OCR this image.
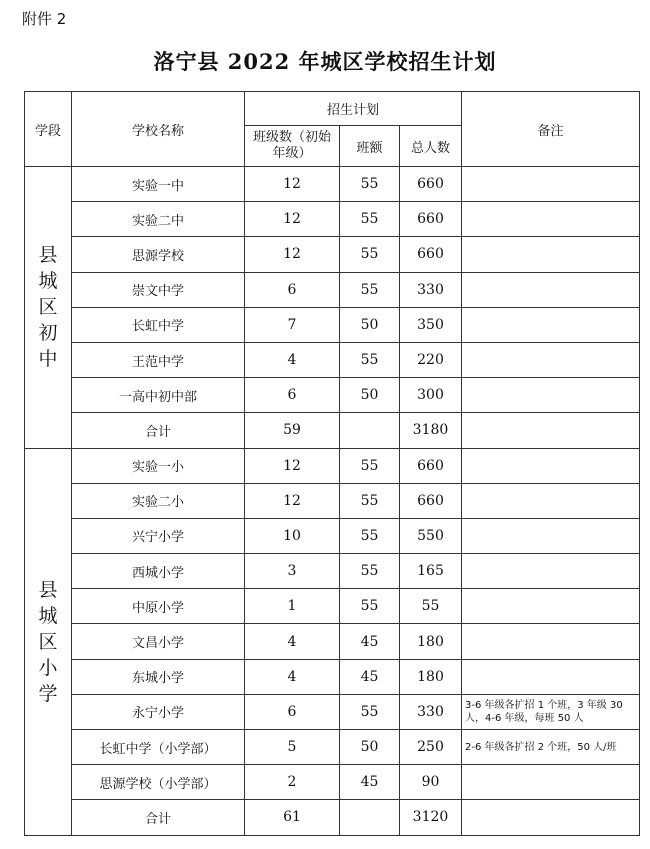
附件 2
洛宁县 2022 年城区学校招生计划
学段	学校名称	招生计划			备注
		班级数（初始年级）	班额	总人数	

县城区初中	实验一中	12	55	660	
	实验二中	12	55	660	
	思源学校	12	55	660	
	崇文中学	6	55	330	
	长虹中学	7	50	350	
	王范中学	4	55	220	
	一高中初中部	6	50	300	
	合计	59		3180	

县城区小学	实验一小	12	55	660	
	实验二小	12	55	660	
	兴宁小学	10	55	550	
	西城小学	3	55	165	
	中原小学	1	55	55	
	文昌小学	4	45	180	
	东城小学	4	45	180	
	永宁小学	6	55	330	3-6 年级各扩招 1 个班，3 年级 30 人，4-6 年级，每班 50 人
	长虹中学（小学部）	5	50	250	2-6 年级各扩招 2 个班，50 人/班
	思源学校（小学部）	2	45	90	
	合计	61		3120	
